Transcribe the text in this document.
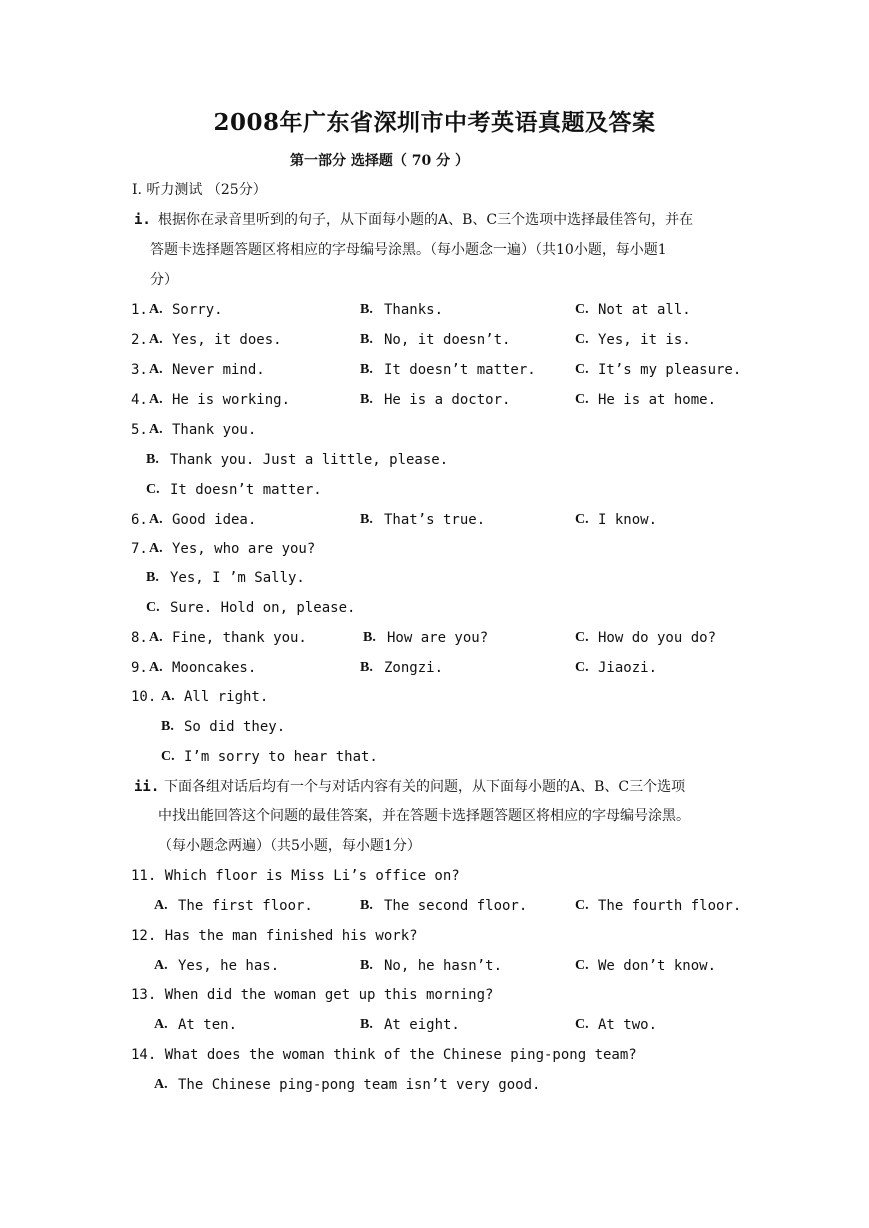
2008年广东省深圳市中考英语真题及答案
第一部分 选择题（ 70 分 ）
I. 听力测试 （25分）
i. 根据你在录音里听到的句子，从下面每小题的A、B、C三个选项中选择最佳答句，并在
答题卡选择题答题区将相应的字母编号涂黑。（每小题念一遍）（共10小题，每小题1
分）
1. A. Sorry.	B. Thanks.	C. Not at all.
2. A. Yes, it does.	B. No, it doesn’t.	C. Yes, it is.
3. A. Never mind.	B. It doesn’t matter.	C. It’s my pleasure.
4. A. He is working.	B. He is a doctor.	C. He is at home.
5. A. Thank you.
B. Thank you. Just a little, please.
C. It doesn’t matter.
6. A. Good idea.	B. That’s true.	C. I know.
7. A. Yes, who are you?
B. Yes, I ’m Sally.
C. Sure. Hold on, please.
8. A. Fine, thank you.	B. How are you?	C. How do you do?
9. A. Mooncakes.	B. Zongzi.	C. Jiaozi.
10. A. All right.
B. So did they.
C. I’m sorry to hear that.
ii. 下面各组对话后均有一个与对话内容有关的问题，从下面每小题的A、B、C三个选项
中找出能回答这个问题的最佳答案，并在答题卡选择题答题区将相应的字母编号涂黑。
（每小题念两遍）（共5小题，每小题1分）
11. Which floor is Miss Li’s office on?
A. The first floor.	B. The second floor.	C. The fourth floor.
12. Has the man finished his work?
A. Yes, he has.	B. No, he hasn’t.	C. We don’t know.
13. When did the woman get up this morning?
A. At ten.	B. At eight.	C. At two.
14. What does the woman think of the Chinese ping-pong team?
A. The Chinese ping-pong team isn’t very good.
